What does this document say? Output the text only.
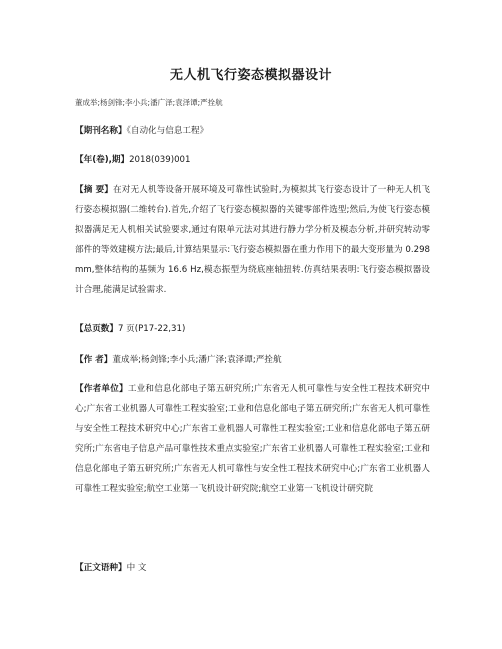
无人机飞行姿态模拟器设计
董成举;杨剑锋;李小兵;潘广泽;袁泽谭;严拴航
【期刊名称】《自动化与信息工程》
【年(卷),期】2018(039)001
【摘 要】在对无人机等设备开展环境及可靠性试验时,为模拟其飞行姿态设计了一种无人机飞行姿态模拟器(二维转台).首先,介绍了飞行姿态模拟器的关键零部件选型;然后,为使飞行姿态模拟器满足无人机相关试验要求,通过有限单元法对其进行静力学分析及模态分析,并研究转动零部件的等效建模方法;最后,计算结果显示:飞行姿态模拟器在重力作用下的最大变形量为 0.298 mm,整体结构的基频为 16.6 Hz,模态振型为绕底座轴扭转.仿真结果表明:飞行姿态模拟器设计合理,能满足试验需求.
【总页数】7 页(P17-22,31)
【作 者】董成举;杨剑锋;李小兵;潘广泽;袁泽谭;严拴航
【作者单位】工业和信息化部电子第五研究所;广东省无人机可靠性与安全性工程技术研究中心;广东省工业机器人可靠性工程实验室;工业和信息化部电子第五研究所;广东省无人机可靠性与安全性工程技术研究中心;广东省工业机器人可靠性工程实验室;工业和信息化部电子第五研究所;广东省电子信息产品可靠性技术重点实验室;广东省工业机器人可靠性工程实验室;工业和信息化部电子第五研究所;广东省无人机可靠性与安全性工程技术研究中心;广东省工业机器人可靠性工程实验室;航空工业第一飞机设计研究院;航空工业第一飞机设计研究院
【正文语种】中 文
